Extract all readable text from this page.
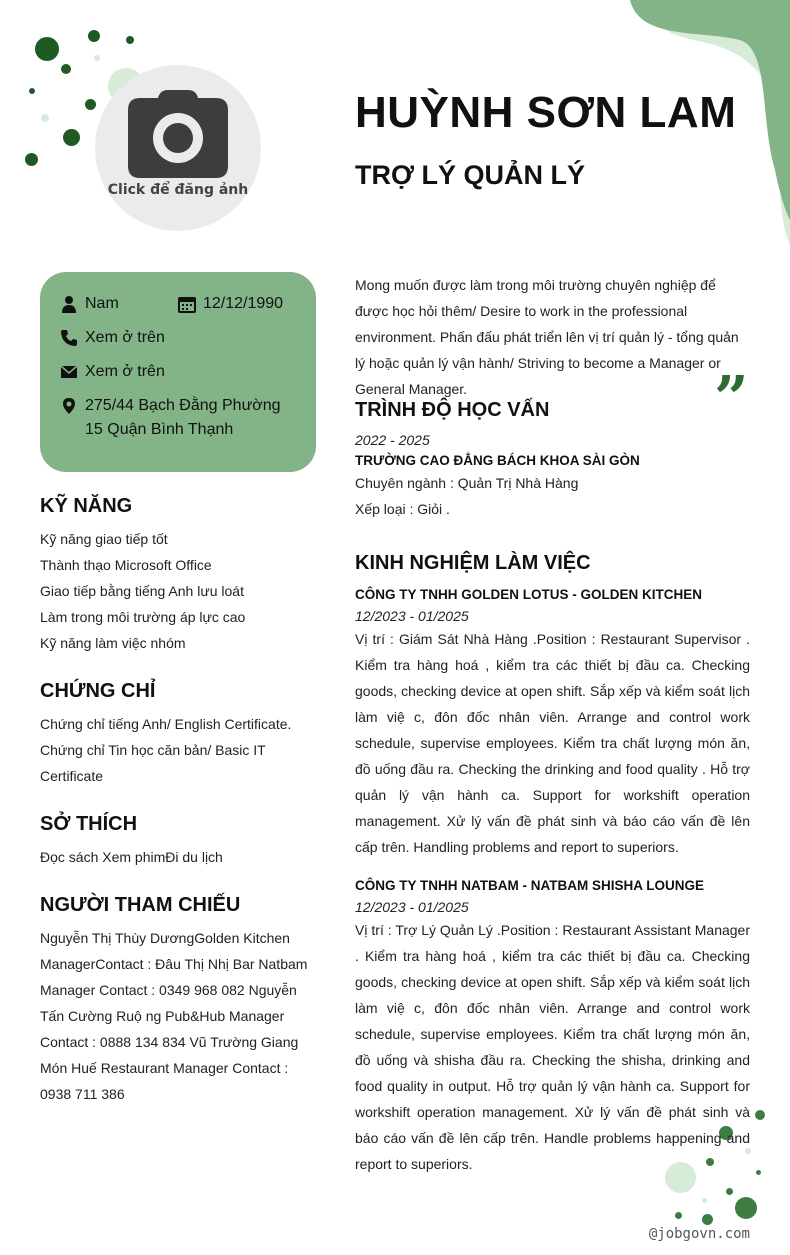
Click để đăng ảnh
HUỲNH SƠN LAM
TRỢ LÝ QUẢN LÝ
Nam	12/12/1990
Xem ở trên
Xem ở trên
275/44 Bạch Đằng Phường 15 Quận Bình Thạnh
KỸ NĂNG
Kỹ năng giao tiếp tốt
Thành thạo Microsoft Office
Giao tiếp bằng tiếng Anh lưu loát
Làm trong môi trường áp lực cao
Kỹ năng làm việc nhóm
CHỨNG CHỈ
Chứng chỉ tiếng Anh/ English Certificate. Chứng chỉ Tin học căn bản/ Basic IT Certificate
SỞ THÍCH
Đọc sách Xem phimĐi du lịch
NGƯỜI THAM CHIẾU
Nguyễn Thị Thùy DươngGolden Kitchen ManagerContact : Đâu Thị Nhị Bar Natbam Manager Contact : 0349 968 082 Nguyễn Tấn Cường Ruộ ng Pub&Hub Manager Contact : 0888 134 834 Vũ Trường Giang Món Huế Restaurant Manager Contact : 0938 711 386
Mong muốn được làm trong môi trường chuyên nghiệp để được học hỏi thêm/ Desire to work in the professional environment. Phấn đấu phát triển lên vị trí quản lý - tổng quản lý hoặc quản lý vận hành/ Striving to become a Manager or General Manager.	”
TRÌNH ĐỘ HỌC VẤN
2022 - 2025
TRƯỜNG CAO ĐẲNG BÁCH KHOA SÀI GÒN
Chuyên ngành : Quản Trị Nhà Hàng
Xếp loại : Giỏi .
KINH NGHIỆM LÀM VIỆC
CÔNG TY TNHH GOLDEN LOTUS - GOLDEN KITCHEN
12/2023 - 01/2025
Vị trí : Giám Sát Nhà Hàng .Position : Restaurant Supervisor . Kiểm tra hàng hoá , kiểm tra các thiết bị đầu ca. Checking goods, checking device at open shift. Sắp xếp và kiểm soát lịch làm việ c, đôn đốc nhân viên. Arrange and control work schedule, supervise employees. Kiểm tra chất lượng món ăn, đồ uống đầu ra. Checking the drinking and food quality . Hỗ trợ quản lý vận hành ca. Support for workshift operation management. Xử lý vấn đề phát sinh và báo cáo vấn đề lên cấp trên. Handling problems and report to superiors.
CÔNG TY TNHH NATBAM - NATBAM SHISHA LOUNGE
12/2023 - 01/2025
Vị trí : Trợ Lý Quản Lý .Position : Restaurant Assistant Manager . Kiểm tra hàng hoá , kiểm tra các thiết bị đầu ca. Checking goods, checking device at open shift. Sắp xếp và kiểm soát lịch làm việ c, đôn đốc nhân viên. Arrange and control work schedule, supervise employees. Kiểm tra chất lượng món ăn, đồ uống và shisha đầu ra. Checking the shisha, drinking and food quality in output. Hỗ trợ quản lý vận hành ca. Support for workshift operation management. Xử lý vấn đề phát sinh và báo cáo vấn đề lên cấp trên. Handle problems happening and report to superiors.
@jobgovn.com
